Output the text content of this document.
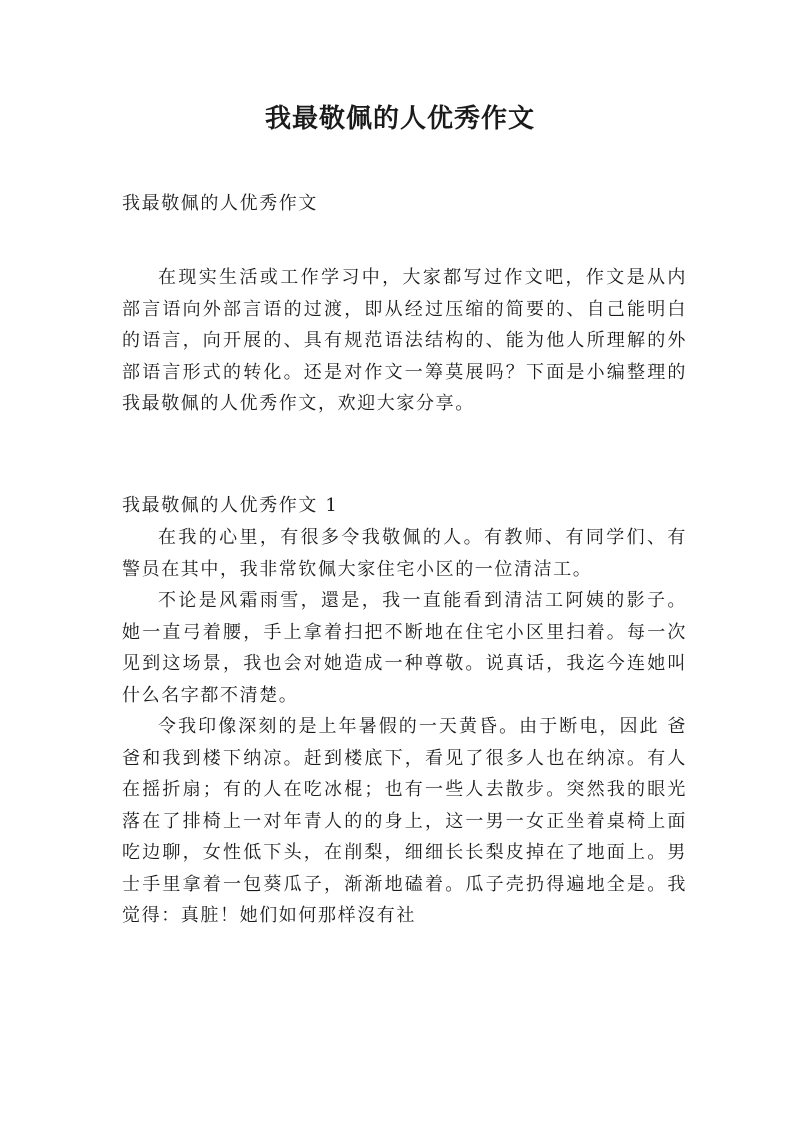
我最敬佩的人优秀作文

我最敬佩的人优秀作文

在现实生活或工作学习中，大家都写过作文吧，作文是从内部言语向外部言语的过渡，即从经过压缩的简要的、自己能明白的语言，向开展的、具有规范语法结构的、能为他人所理解的外部语言形式的转化。还是对作文一筹莫展吗？下面是小编整理的我最敬佩的人优秀作文，欢迎大家分享。

我最敬佩的人优秀作文 1

在我的心里，有很多令我敬佩的人。有教师、有同学们、有警员在其中，我非常钦佩大家住宅小区的一位清洁工。

不论是风霜雨雪，還是，我一直能看到清洁工阿姨的影子。她一直弓着腰，手上拿着扫把不断地在住宅小区里扫着。每一次见到这场景，我也会对她造成一种尊敬。说真话，我迄今连她叫什么名字都不清楚。

令我印像深刻的是上年暑假的一天黄昏。由于断电，因此 爸爸和我到楼下纳凉。赶到楼底下，看见了很多人也在纳凉。有人在摇折扇；有的人在吃冰棍；也有一些人去散步。突然我的眼光落在了排椅上一对年青人的的身上，这一男一女正坐着桌椅上面吃边聊，女性低下头，在削梨，细细长长梨皮掉在了地面上。男士手里拿着一包葵瓜子，渐渐地磕着。瓜子壳扔得遍地全是。我觉得：真脏！她们如何那样沒有社
